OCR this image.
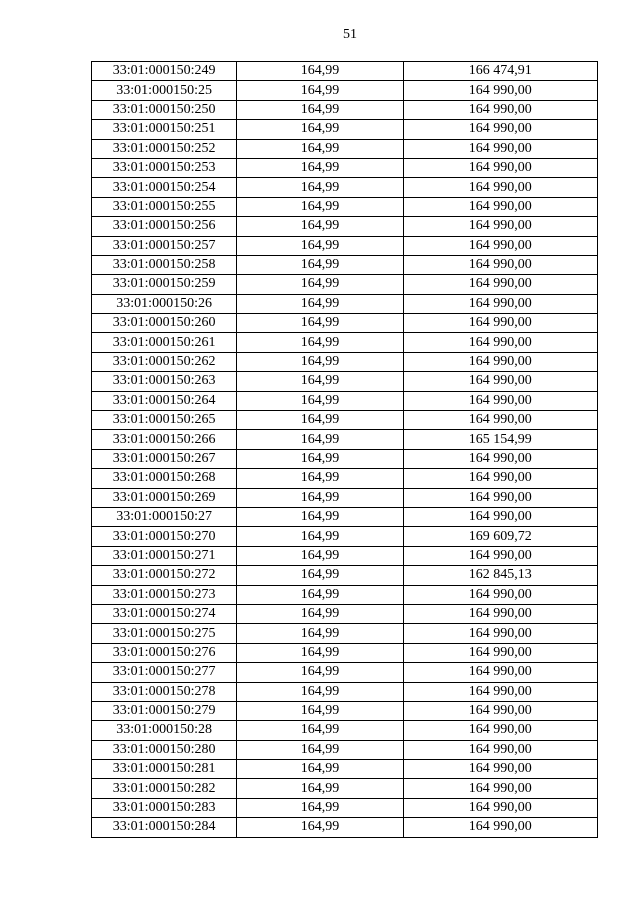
51
33:01:000150:249	164,99	166 474,91
33:01:000150:25	164,99	164 990,00
33:01:000150:250	164,99	164 990,00
33:01:000150:251	164,99	164 990,00
33:01:000150:252	164,99	164 990,00
33:01:000150:253	164,99	164 990,00
33:01:000150:254	164,99	164 990,00
33:01:000150:255	164,99	164 990,00
33:01:000150:256	164,99	164 990,00
33:01:000150:257	164,99	164 990,00
33:01:000150:258	164,99	164 990,00
33:01:000150:259	164,99	164 990,00
33:01:000150:26	164,99	164 990,00
33:01:000150:260	164,99	164 990,00
33:01:000150:261	164,99	164 990,00
33:01:000150:262	164,99	164 990,00
33:01:000150:263	164,99	164 990,00
33:01:000150:264	164,99	164 990,00
33:01:000150:265	164,99	164 990,00
33:01:000150:266	164,99	165 154,99
33:01:000150:267	164,99	164 990,00
33:01:000150:268	164,99	164 990,00
33:01:000150:269	164,99	164 990,00
33:01:000150:27	164,99	164 990,00
33:01:000150:270	164,99	169 609,72
33:01:000150:271	164,99	164 990,00
33:01:000150:272	164,99	162 845,13
33:01:000150:273	164,99	164 990,00
33:01:000150:274	164,99	164 990,00
33:01:000150:275	164,99	164 990,00
33:01:000150:276	164,99	164 990,00
33:01:000150:277	164,99	164 990,00
33:01:000150:278	164,99	164 990,00
33:01:000150:279	164,99	164 990,00
33:01:000150:28	164,99	164 990,00
33:01:000150:280	164,99	164 990,00
33:01:000150:281	164,99	164 990,00
33:01:000150:282	164,99	164 990,00
33:01:000150:283	164,99	164 990,00
33:01:000150:284	164,99	164 990,00
